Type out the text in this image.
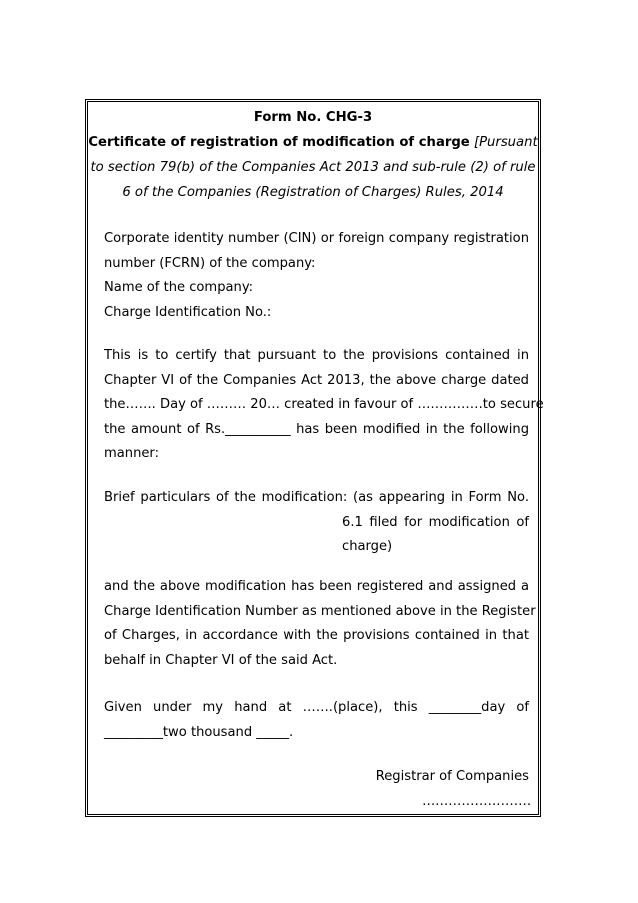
Form No. CHG-3
Certificate of registration of modification of charge [Pursuant
to section 79(b) of the Companies Act 2013 and sub-rule (2) of rule
6 of the Companies (Registration of Charges) Rules, 2014
Corporate identity number (CIN) or foreign company registration
number (FCRN) of the company:
Name of the company:
Charge Identification No.:
This is to certify that pursuant to the provisions contained in
Chapter VI of the Companies Act 2013, the above charge dated
the……. Day of ……… 20… created in favour of ……………to secure
the amount of Rs.__________ has been modified in the following
manner:
Brief particulars of the modification: (as appearing in Form No.
6.1 filed for modification of
charge)
and the above modification has been registered and assigned a
Charge Identification Number as mentioned above in the Register
of Charges, in accordance with the provisions contained in that
behalf in Chapter VI of the said Act.
Given under my hand at …….(place), this ________day of
_________two thousand _____.
Registrar of Companies
…………………….
